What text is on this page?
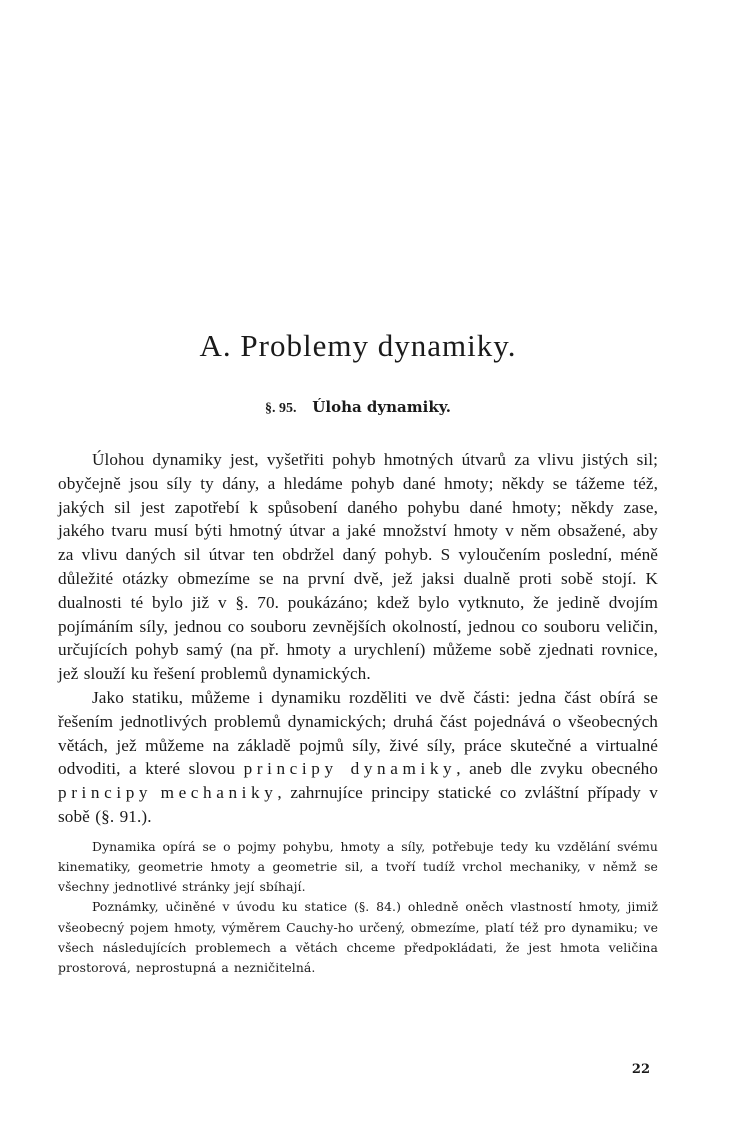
A. Problemy dynamiky.
§. 95. Úloha dynamiky.

Úlohou dynamiky jest, vyšetřiti pohyb hmotných útvarů za vlivu jistých sil; obyčejně jsou síly ty dány, a hledáme pohyb dané hmoty; někdy se tážeme též, jakých sil jest zapotřebí k spůsobení daného pohybu dané hmoty; někdy zase, jakého tvaru musí býti hmotný útvar a jaké množství hmoty v něm obsažené, aby za vlivu daných sil útvar ten obdržel daný pohyb. S vyloučením poslední, méně důležité otázky obmezíme se na první dvě, jež jaksi dualně proti sobě stojí. K dualnosti té bylo již v §. 70. poukázáno; kdež bylo vytknuto, že jedině dvojím pojímáním síly, jednou co souboru zevnějších okolností, jednou co souboru veličin, určujících pohyb samý (na př. hmoty a urychlení) můžeme sobě zjednati rovnice, jež slouží ku řešení problemů dynamických.

Jako statiku, můžeme i dynamiku rozděliti ve dvě části: jedna část obírá se řešením jednotlivých problemů dynamických; druhá část pojednává o všeobecných větách, jež můžeme na základě pojmů síly, živé síly, práce skutečné a virtualné odvoditi, a které slovou principy dynamiky, aneb dle zvyku obecného principy mechaniky, zahrnujíce principy statické co zvláštní případy v sobě (§. 91.).

Dynamika opírá se o pojmy pohybu, hmoty a síly, potřebuje tedy ku vzdělání svému kinematiky, geometrie hmoty a geometrie sil, a tvoří tudíž vrchol mechaniky, v němž se všechny jednotlivé stránky její sbíhají.

Poznámky, učiněné v úvodu ku statice (§. 84.) ohledně oněch vlastností hmoty, jimiž všeobecný pojem hmoty, výměrem Cauchy-ho určený, obmezíme, platí též pro dynamiku; ve všech následujících problemech a větách chceme předpokládati, že jest hmota veličina prostorová, neprostupná a nezničitelná.

22
